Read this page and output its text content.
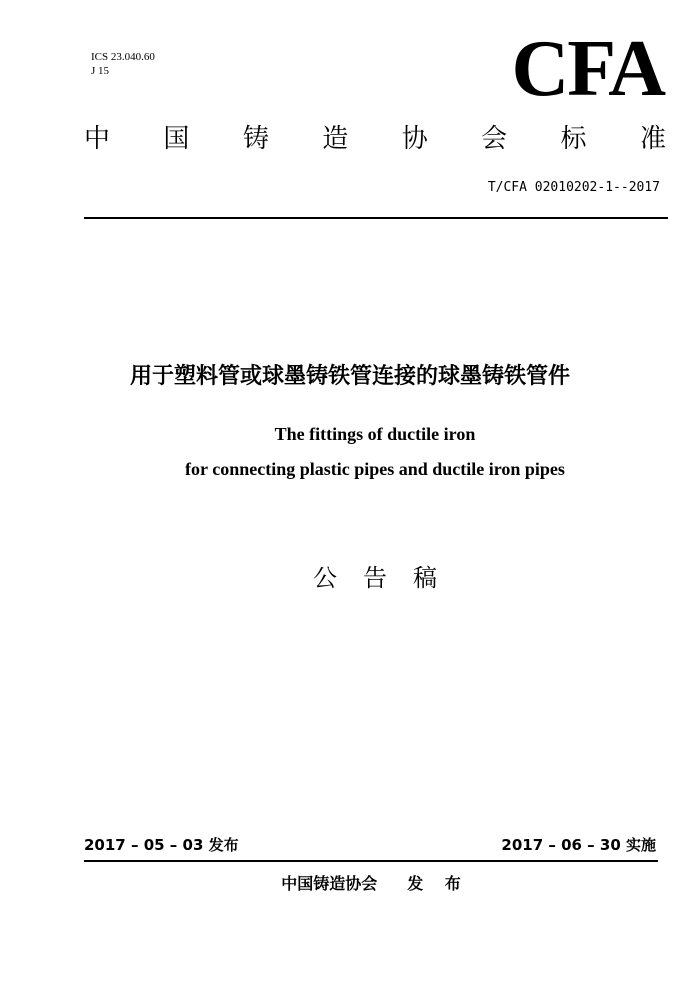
ICS 23.040.60
J 15	CFA
中 国 铸 造 协 会 标 准
T/CFA 02010202-1--2017
用于塑料管或球墨铸铁管连接的球墨铸铁管件
The fittings of ductile iron
for connecting plastic pipes and ductile iron pipes
公告稿
2017 – 05 – 03 发布	2017 – 06 – 30 实施
中国铸造协会 发 布
